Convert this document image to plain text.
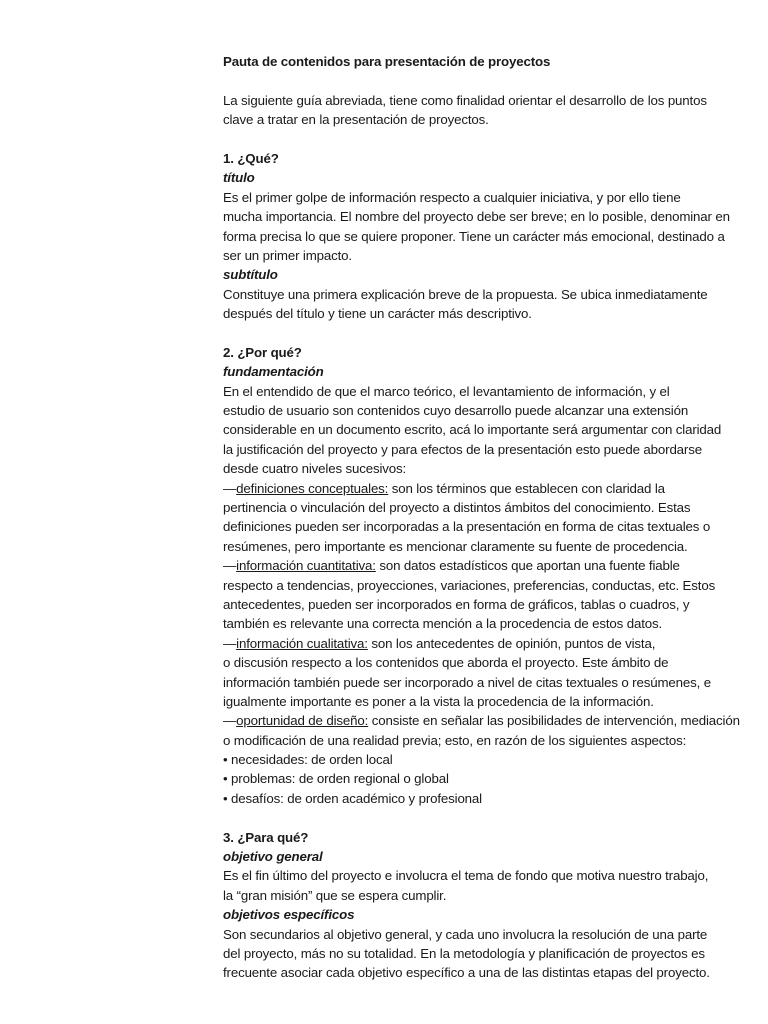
Pauta de contenidos para presentación de proyectos
La siguiente guía abreviada, tiene como finalidad orientar el desarrollo de los puntos
clave a tratar en la presentación de proyectos.
1. ¿Qué?
título
Es el primer golpe de información respecto a cualquier iniciativa, y por ello tiene
mucha importancia. El nombre del proyecto debe ser breve; en lo posible, denominar en
forma precisa lo que se quiere proponer. Tiene un carácter más emocional, destinado a
ser un primer impacto.
subtítulo
Constituye una primera explicación breve de la propuesta. Se ubica inmediatamente
después del título y tiene un carácter más descriptivo.
2. ¿Por qué?
fundamentación
En el entendido de que el marco teórico, el levantamiento de información, y el
estudio de usuario son contenidos cuyo desarrollo puede alcanzar una extensión
considerable en un documento escrito, acá lo importante será argumentar con claridad
la justificación del proyecto y para efectos de la presentación esto puede abordarse
desde cuatro niveles sucesivos:
—definiciones conceptuales: son los términos que establecen con claridad la
pertinencia o vinculación del proyecto a distintos ámbitos del conocimiento. Estas
definiciones pueden ser incorporadas a la presentación en forma de citas textuales o
resúmenes, pero importante es mencionar claramente su fuente de procedencia.
—información cuantitativa: son datos estadísticos que aportan una fuente fiable
respecto a tendencias, proyecciones, variaciones, preferencias, conductas, etc. Estos
antecedentes, pueden ser incorporados en forma de gráficos, tablas o cuadros, y
también es relevante una correcta mención a la procedencia de estos datos.
—información cualitativa: son los antecedentes de opinión, puntos de vista,
o discusión respecto a los contenidos que aborda el proyecto. Este ámbito de
información también puede ser incorporado a nivel de citas textuales o resúmenes, e
igualmente importante es poner a la vista la procedencia de la información.
—oportunidad de diseño: consiste en señalar las posibilidades de intervención, mediación
o modificación de una realidad previa; esto, en razón de los siguientes aspectos:
• necesidades: de orden local
• problemas: de orden regional o global
• desafíos: de orden académico y profesional
3. ¿Para qué?
objetivo general
Es el fin último del proyecto e involucra el tema de fondo que motiva nuestro trabajo,
la “gran misión” que se espera cumplir.
objetivos específicos
Son secundarios al objetivo general, y cada uno involucra la resolución de una parte
del proyecto, más no su totalidad. En la metodología y planificación de proyectos es
frecuente asociar cada objetivo específico a una de las distintas etapas del proyecto.
